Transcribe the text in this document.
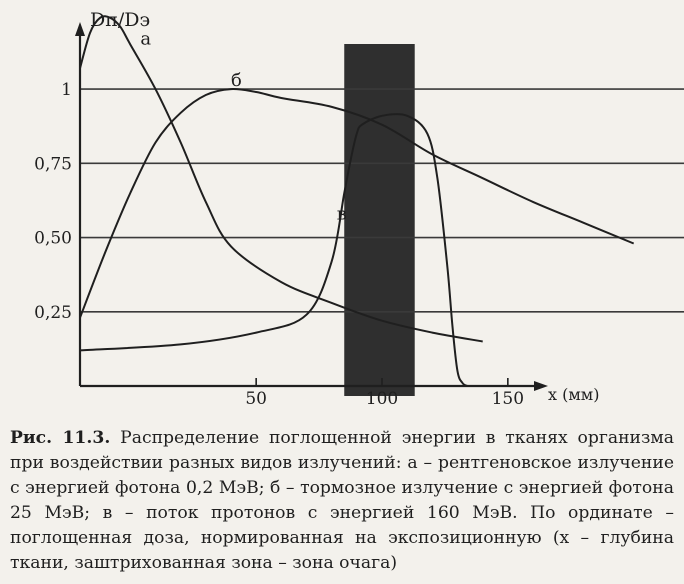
0,25
0,50
0,75
1
50	100	150
Dп/Dэ
x (мм)
а
б
в
Рис. 11.3. Распределение поглощенной энергии в тканях организма при воздействии разных видов излучений: а – рентгеновское излучение с энергией фотона 0,2 МэВ; б – тормозное излучение с энергией фотона 25 МэВ; в – поток протонов с энергией 160 МэВ. По ординате – поглощенная доза, нормированная на экспозиционную (x – глубина ткани, заштрихованная зона – зона очага)
